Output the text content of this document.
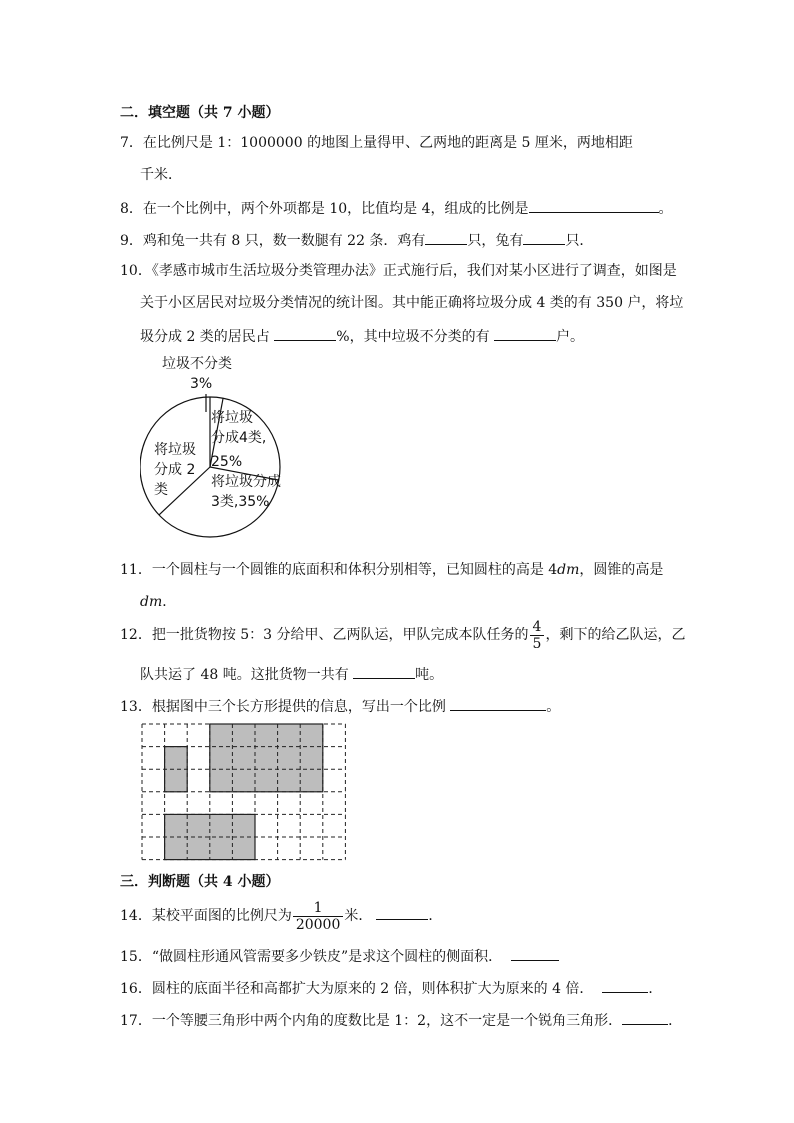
二．填空题（共 7 小题）
7．在比例尺是 1：1000000 的地图上量得甲、乙两地的距离是 5 厘米，两地相距
千米．
8．在一个比例中，两个外项都是 10，比值均是 4，组成的比例是	。
9．鸡和兔一共有 8 只，数一数腿有 22 条．鸡有	只，兔有	只．
10．《孝感市城市生活垃圾分类管理办法》正式施行后，我们对某小区进行了调查，如图是
关于小区居民对垃圾分类情况的统计图。其中能正确将垃圾分成 4 类的有 350 户，将垃
圾分成 2 类的居民占	%，其中垃圾不分类的有	户。
垃圾不分类
3%
将垃圾
分成4类,
25%
将垃圾分成
3类,35%
将垃圾
分成 2
类
11．一个圆柱与一个圆锥的底面积和体积分别相等，已知圆柱的高是 4dm，圆锥的高是
dm．
12．把一批货物按 5：3 分给甲、乙两队运，甲队完成本队任务的 $\frac{4}{5}$ ，剩下的给乙队运，乙
队共运了 48 吨。这批货物一共有	吨。
13．根据图中三个长方形提供的信息，写出一个比例	。
三．判断题（共 4 小题）
14．某校平面图的比例尺为 $\frac{1}{20000}$ 米．	．
15．“做圆柱形通风管需要多少铁皮”是求这个圆柱的侧面积．
16．圆柱的底面半径和高都扩大为原来的 2 倍，则体积扩大为原来的 4 倍．	．
17．一个等腰三角形中两个内角的度数比是 1：2，这不一定是一个锐角三角形．	．
